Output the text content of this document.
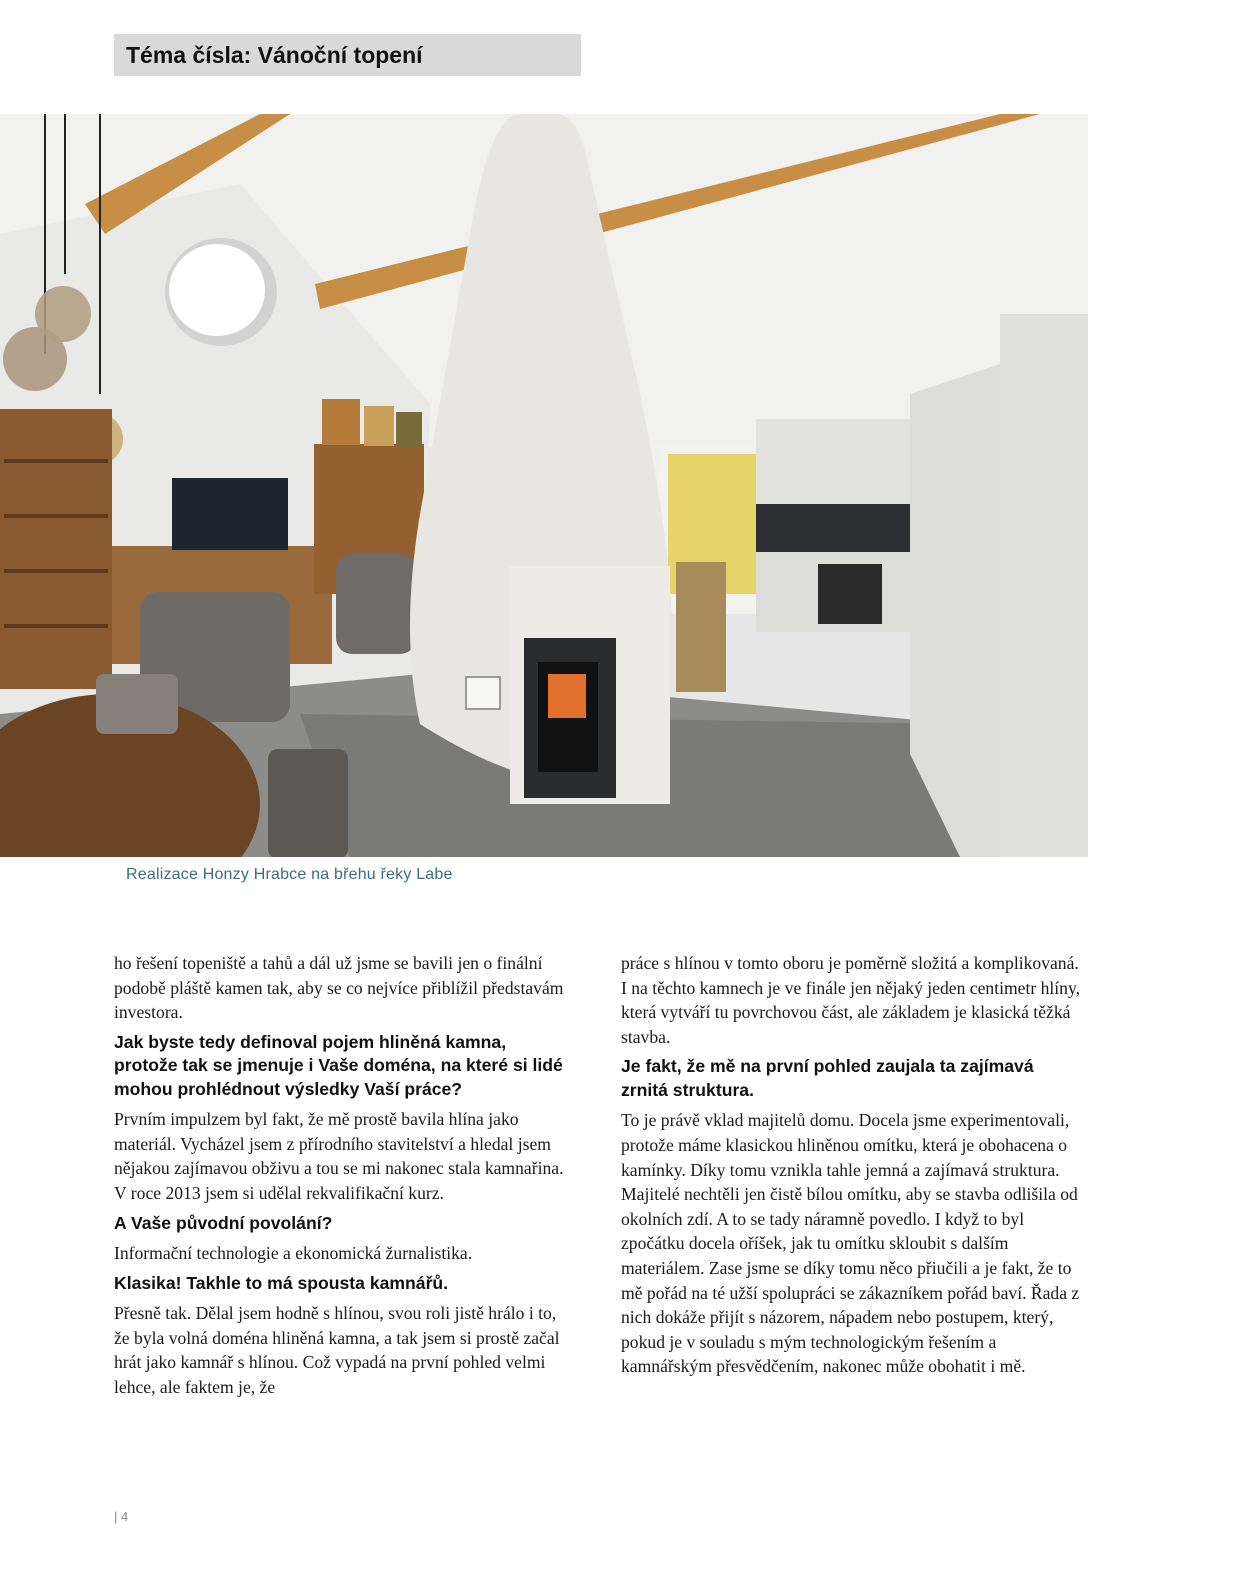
Téma čísla: Vánoční topení
Realizace Honzy Hrabce na břehu řeky Labe

ho řešení topeniště a tahů a dál už jsme se bavili jen o finální podobě pláště kamen tak, aby se co nejvíce přiblížil představám investora.

Jak byste tedy definoval pojem hliněná kamna, protože tak se jmenuje i Vaše doména, na které si lidé mohou prohlédnout výsledky Vaší práce?

Prvním impulzem byl fakt, že mě prostě bavila hlína jako materiál. Vycházel jsem z přírodního stavitelství a hledal jsem nějakou zajímavou obživu a tou se mi nakonec stala kamnařina. V roce 2013 jsem si udělal rekvalifikační kurz.

A Vaše původní povolání?

Informační technologie a ekonomická žurnalistika.

Klasika! Takhle to má spousta kamnářů.

Přesně tak. Dělal jsem hodně s hlínou, svou roli jistě hrálo i to, že byla volná doména hliněná kamna, a tak jsem si prostě začal hrát jako kamnář s hlínou. Což vypadá na první pohled velmi lehce, ale faktem je, že

práce s hlínou v tomto oboru je poměrně složitá a komplikovaná. I na těchto kamnech je ve finále jen nějaký jeden centimetr hlíny, která vytváří tu povrchovou část, ale základem je klasická těžká stavba.

Je fakt, že mě na první pohled zaujala ta zajímavá zrnitá struktura.

To je právě vklad majitelů domu. Docela jsme experimentovali, protože máme klasickou hliněnou omítku, která je obohacena o kamínky. Díky tomu vznikla tahle jemná a zajímavá struktura. Majitelé nechtěli jen čistě bílou omítku, aby se stavba odlišila od okolních zdí. A to se tady náramně povedlo. I když to byl zpočátku docela oříšek, jak tu omítku skloubit s dalším materiálem. Zase jsme se díky tomu něco přiučili a je fakt, že to mě pořád na té užší spolupráci se zákazníkem pořád baví. Řada z nich dokáže přijít s názorem, nápadem nebo postupem, který, pokud je v souladu s mým technologickým řešením a kamnářským přesvědčením, nakonec může obohatit i mě.

| 4
